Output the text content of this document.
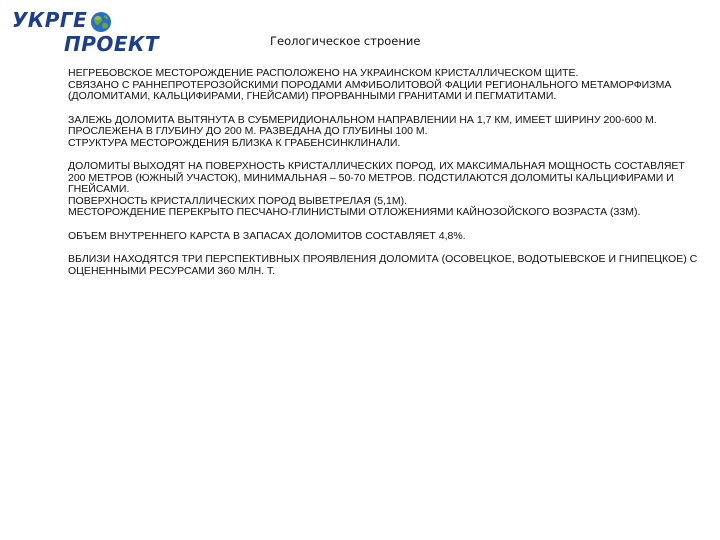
УКРГЕ
ПРОЕКТ	Геологическое строение

НЕГРЕБОВСКОЕ МЕСТОРОЖДЕНИЕ РАСПОЛОЖЕНО НА УКРАИНСКОМ КРИСТАЛЛИЧЕСКОМ ЩИТЕ.

СВЯЗАНО С РАННЕПРОТЕРОЗОЙСКИМИ ПОРОДАМИ АМФИБОЛИТОВОЙ ФАЦИИ РЕГИОНАЛЬНОГО МЕТАМОРФИЗМА (ДОЛОМИТАМИ, КАЛЬЦИФИРАМИ, ГНЕЙСАМИ) ПРОРВАННЫМИ ГРАНИТАМИ И ПЕГМАТИТАМИ.

ЗАЛЕЖЬ ДОЛОМИТА ВЫТЯНУТА В СУБМЕРИДИОНАЛЬНОМ НАПРАВЛЕНИИ НА 1,7 КМ, ИМЕЕТ ШИРИНУ 200-600 М. ПРОСЛЕЖЕНА В ГЛУБИНУ ДО 200 М. РАЗВЕДАНА ДО ГЛУБИНЫ 100 М.

СТРУКТУРА МЕСТОРОЖДЕНИЯ БЛИЗКА К ГРАБЕНСИНКЛИНАЛИ.

ДОЛОМИТЫ ВЫХОДЯТ НА ПОВЕРХНОСТЬ КРИСТАЛЛИЧЕСКИХ ПОРОД, ИХ МАКСИМАЛЬНАЯ МОЩНОСТЬ СОСТАВЛЯЕТ 200 МЕТРОВ (ЮЖНЫЙ УЧАСТОК), МИНИМАЛЬНАЯ – 50-70 МЕТРОВ. ПОДСТИЛАЮТСЯ ДОЛОМИТЫ КАЛЬЦИФИРАМИ И ГНЕЙСАМИ.

ПОВЕРХНОСТЬ КРИСТАЛЛИЧЕСКИХ ПОРОД ВЫВЕТРЕЛАЯ (5,1М).

МЕСТОРОЖДЕНИЕ ПЕРЕКРЫТО ПЕСЧАНО-ГЛИНИСТЫМИ ОТЛОЖЕНИЯМИ КАЙНОЗОЙСКОГО ВОЗРАСТА (33М).

ОБЪЕМ ВНУТРЕННЕГО КАРСТА В ЗАПАСАХ ДОЛОМИТОВ СОСТАВЛЯЕТ 4,8%.

ВБЛИЗИ НАХОДЯТСЯ ТРИ ПЕРСПЕКТИВНЫХ ПРОЯВЛЕНИЯ ДОЛОМИТА (ОСОВЕЦКОЕ, ВОДОТЫЕВСКОЕ И ГНИПЕЦКОЕ) С ОЦЕНЕННЫМИ РЕСУРСАМИ 360 МЛН. Т.
